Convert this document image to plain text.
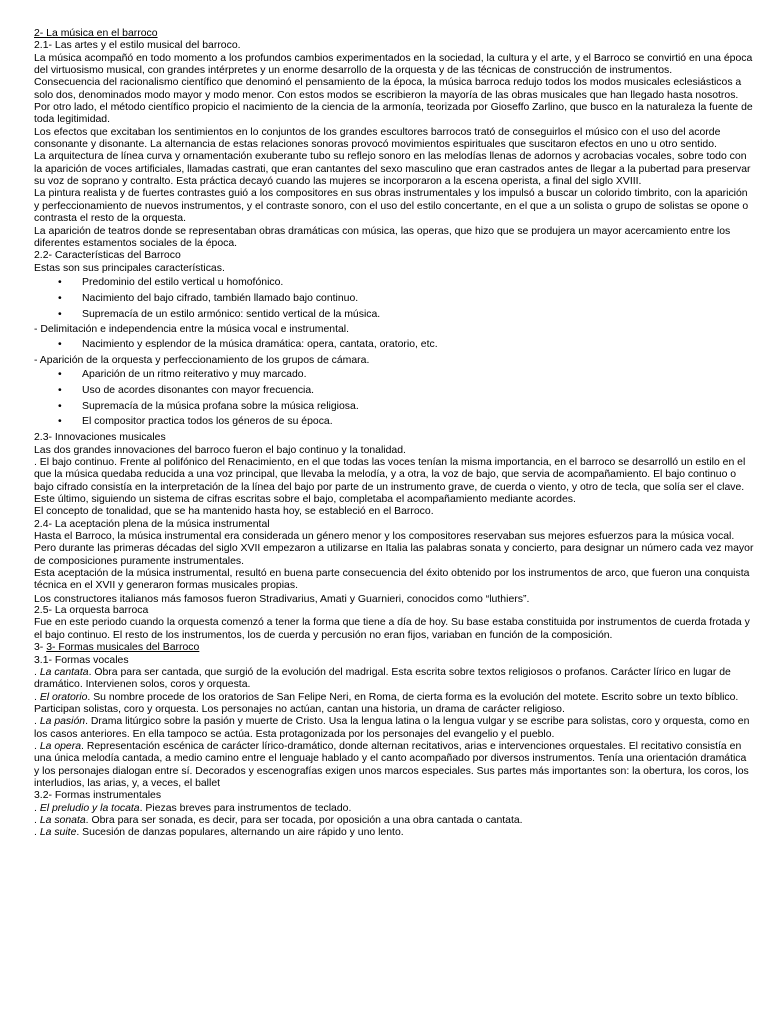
2- La música en el barroco

2.1- Las artes y el estilo musical del barroco.

La música acompañó en todo momento a los profundos cambios experimentados en la sociedad, la cultura y el arte, y el Barroco se convirtió en una época del virtuosismo musical, con grandes intérpretes y un enorme desarrollo de la orquesta y de las técnicas de construcción de instrumentos.

Consecuencia del racionalismo científico que denominó el pensamiento de la época, la música barroca redujo todos los modos musicales eclesiásticos a solo dos, denominados modo mayor y modo menor. Con estos modos se escribieron la mayoría de las obras musicales que han llegado hasta nosotros.

Por otro lado, el método científico propicio el nacimiento de la ciencia de la armonía, teorizada por Gioseffo Zarlino, que busco en la naturaleza la fuente de toda legitimidad.

Los efectos que excitaban los sentimientos en lo conjuntos de los grandes escultores barrocos trató de conseguirlos el músico con el uso del acorde consonante y disonante. La alternancia de estas relaciones sonoras provocó movimientos espirituales que suscitaron efectos en uno u otro sentido.

La arquitectura de línea curva y ornamentación exuberante tubo su reflejo sonoro en las melodías llenas de adornos y acrobacias vocales, sobre todo con la aparición de voces artificiales, llamadas castrati, que eran cantantes del sexo masculino que eran castrados antes de llegar a la pubertad para preservar su voz de soprano y contralto. Esta práctica decayó cuando las mujeres se incorporaron a la escena operista, a final del siglo XVIII.

La pintura realista y de fuertes contrastes guió a los compositores en sus obras instrumentales y los impulsó a buscar un colorido timbrito, con la aparición y perfeccionamiento de nuevos instrumentos, y el contraste sonoro, con el uso del estilo concertante, en el que a un solista o grupo de solistas se opone o contrasta el resto de la orquesta.

La aparición de teatros donde se representaban obras dramáticas con música, las operas, que hizo que se produjera un mayor acercamiento entre los diferentes estamentos sociales de la época.

2.2- Características del Barroco

Estas son sus principales características.

• Predominio del estilo vertical u homofónico.
• Nacimiento del bajo cifrado, también llamado bajo continuo.
• Supremacía de un estilo armónico: sentido vertical de la música.

- Delimitación e independencia entre la música vocal e instrumental.

• Nacimiento y esplendor de la música dramática: opera, cantata, oratorio, etc.

- Aparición de la orquesta y perfeccionamiento de los grupos de cámara.

• Aparición de un ritmo reiterativo y muy marcado.
• Uso de acordes disonantes con mayor frecuencia.
• Supremacía de la música profana sobre la música religiosa.
• El compositor practica todos los géneros de su época.

2.3- Innovaciones musicales

Las dos grandes innovaciones del barroco fueron el bajo continuo y la tonalidad.

. El bajo continuo. Frente al polifónico del Renacimiento, en el que todas las voces tenían la misma importancia, en el barroco se desarrolló un estilo en el que la música quedaba reducida a una voz principal, que llevaba la melodía, y a otra, la voz de bajo, que servia de acompañamiento. El bajo continuo o bajo cifrado consistía en la interpretación de la línea del bajo por parte de un instrumento grave, de cuerda o viento, y otro de tecla, que solía ser el clave. Este último, siguiendo un sistema de cifras escritas sobre el bajo, completaba el acompañamiento mediante acordes.

El concepto de tonalidad, que se ha mantenido hasta hoy, se estableció en el Barroco.

2.4- La aceptación plena de la música instrumental

Hasta el Barroco, la música instrumental era considerada un género menor y los compositores reservaban sus mejores esfuerzos para la música vocal. Pero durante las primeras décadas del siglo XVII empezaron a utilizarse en Italia las palabras sonata y concierto, para designar un número cada vez mayor de composiciones puramente instrumentales.

Esta aceptación de la música instrumental, resultó en buena parte consecuencia del éxito obtenido por los instrumentos de arco, que fueron una conquista técnica en el XVII y generaron formas musicales propias.

Los constructores italianos más famosos fueron Stradivarius, Amati y Guarnieri, conocidos como “luthiers”.

2.5- La orquesta barroca

Fue en este periodo cuando la orquesta comenzó a tener la forma que tiene a día de hoy. Su base estaba constituida por instrumentos de cuerda frotada y el bajo continuo. El resto de los instrumentos, los de cuerda y percusión no eran fijos, variaban en función de la composición.

3- 3- Formas musicales del Barroco

3.1- Formas vocales

. La cantata. Obra para ser cantada, que surgió de la evolución del madrigal. Esta escrita sobre textos religiosos o profanos. Carácter lírico en lugar de dramático. Intervienen solos, coros y orquesta.

. El oratorio. Su nombre procede de los oratorios de San Felipe Neri, en Roma, de cierta forma es la evolución del motete. Escrito sobre un texto bíblico. Participan solistas, coro y orquesta. Los personajes no actúan, cantan una historia, un drama de carácter religioso.

. La pasión. Drama litúrgico sobre la pasión y muerte de Cristo. Usa la lengua latina o la lengua vulgar y se escribe para solistas, coro y orquesta, como en los casos anteriores. En ella tampoco se actúa. Esta protagonizada por los personajes del evangelio y el pueblo.

. La opera. Representación escénica de carácter lírico-dramático, donde alternan recitativos, arias e intervenciones orquestales. El recitativo consistía en una única melodía cantada, a medio camino entre el lenguaje hablado y el canto acompañado por diversos instrumentos. Tenía una orientación dramática y los personajes dialogan entre sí. Decorados y escenografías exigen unos marcos especiales. Sus partes más importantes son: la obertura, los coros, los interludios, las arias, y, a veces, el ballet

3.2- Formas instrumentales

. El preludio y la tocata. Piezas breves para instrumentos de teclado.

. La sonata. Obra para ser sonada, es decir, para ser tocada, por oposición a una obra cantada o cantata.

. La suite. Sucesión de danzas populares, alternando un aire rápido y uno lento.
